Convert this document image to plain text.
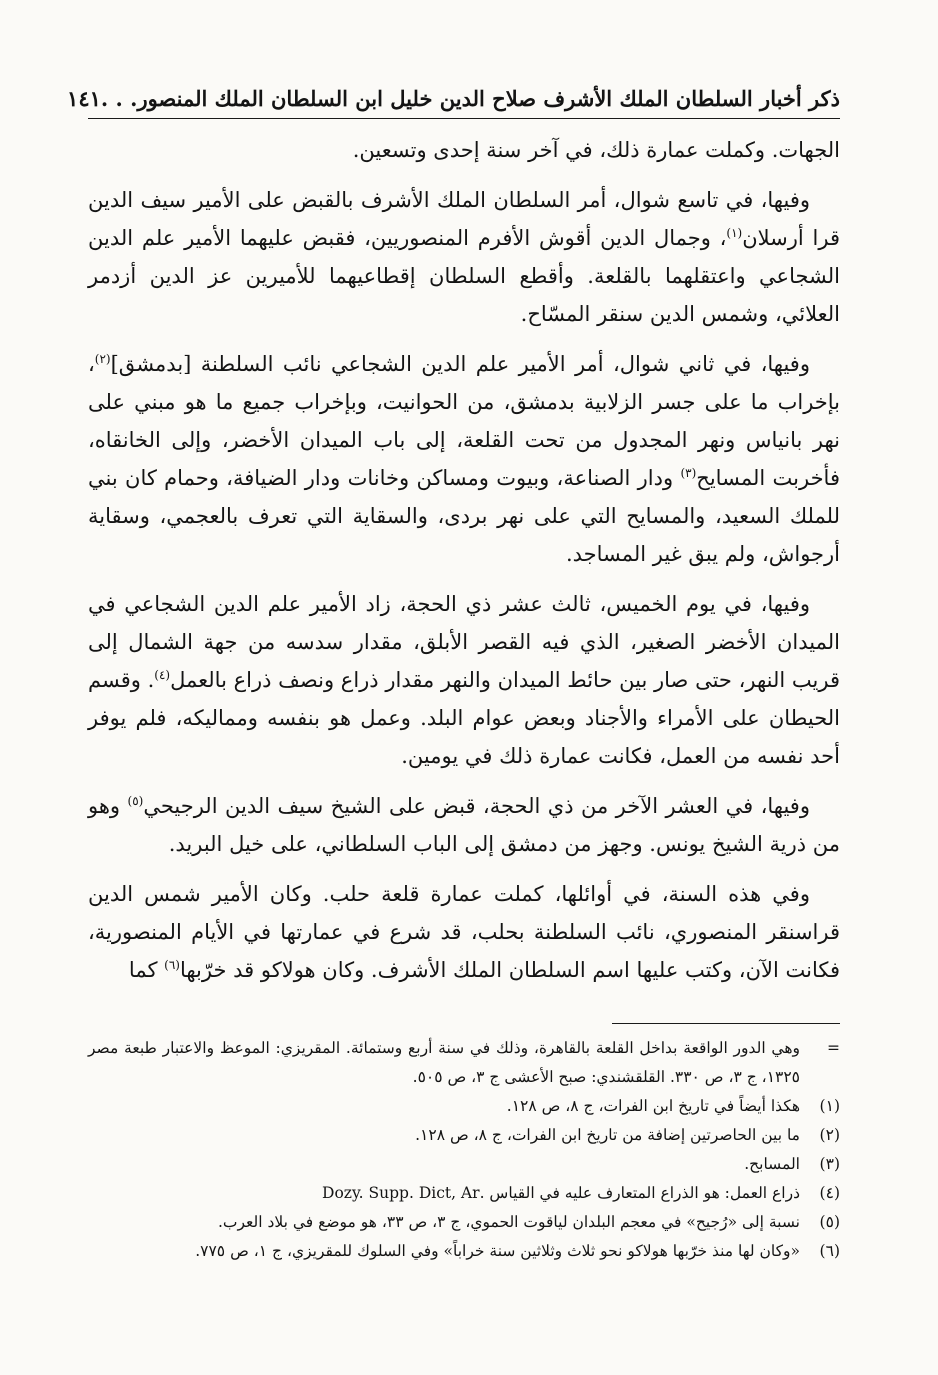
ذكر أخبار السلطان الملك الأشرف صلاح الدين خليل ابن السلطان الملك المنصور. . .
١٤١

الجهات. وكملت عمارة ذلك، في آخر سنة إحدى وتسعين.

وفيها، في تاسع شوال، أمر السلطان الملك الأشرف بالقبض على الأمير سيف الدين قرا أرسلان$^{(١)}$، وجمال الدين أقوش الأفرم المنصوريين، فقبض عليهما الأمير علم الدين الشجاعي واعتقلهما بالقلعة. وأقطع السلطان إقطاعيهما للأميرين عز الدين أزدمر العلائي، وشمس الدين سنقر المسّاح.

وفيها، في ثاني شوال، أمر الأمير علم الدين الشجاعي نائب السلطنة [بدمشق]$^{(٢)}$، بإخراب ما على جسر الزلابية بدمشق، من الحوانيت، وبإخراب جميع ما هو مبني على نهر بانياس ونهر المجدول من تحت القلعة، إلى باب الميدان الأخضر، وإلى الخانقاه، فأخربت المسايح$^{(٣)}$ ودار الصناعة، وبيوت ومساكن وخانات ودار الضيافة، وحمام كان بني للملك السعيد، والمسايح التي على نهر بردى، والسقاية التي تعرف بالعجمي، وسقاية أرجواش، ولم يبق غير المساجد.

وفيها، في يوم الخميس، ثالث عشر ذي الحجة، زاد الأمير علم الدين الشجاعي في الميدان الأخضر الصغير، الذي فيه القصر الأبلق، مقدار سدسه من جهة الشمال إلى قريب النهر، حتى صار بين حائط الميدان والنهر مقدار ذراع ونصف ذراع بالعمل$^{(٤)}$. وقسم الحيطان على الأمراء والأجناد وبعض عوام البلد. وعمل هو بنفسه ومماليكه، فلم يوفر أحد نفسه من العمل، فكانت عمارة ذلك في يومين.

وفيها، في العشر الآخر من ذي الحجة، قبض على الشيخ سيف الدين الرجيحي$^{(٥)}$ وهو من ذرية الشيخ يونس. وجهز من دمشق إلى الباب السلطاني، على خيل البريد.

وفي هذه السنة، في أوائلها، كملت عمارة قلعة حلب. وكان الأمير شمس الدين قراسنقر المنصوري، نائب السلطنة بحلب، قد شرع في عمارتها في الأيام المنصورية، فكانت الآن، وكتب عليها اسم السلطان الملك الأشرف. وكان هولاكو قد خرّبها$^{(٦)}$ كما

=
وهي الدور الواقعة بداخل القلعة بالقاهرة، وذلك في سنة أربع وستمائة. المقريزي: الموعظ والاعتبار طبعة مصر ١٣٢٥، ج ٣، ص ٣٣٠. القلقشندي: صبح الأعشى ج ٣، ص ٥٠٥.
(١)
هكذا أيضاً في تاريخ ابن الفرات، ج ٨، ص ١٢٨.
(٢)
ما بين الحاصرتين إضافة من تاريخ ابن الفرات، ج ٨، ص ١٢٨.
(٣)
المسابح.
(٤)
ذراع العمل: هو الذراع المتعارف عليه في القياس .Dozy. Supp. Dict, Ar
(٥)
نسبة إلى «رُجيح» في معجم البلدان لياقوت الحموي، ج ٣، ص ٣٣، هو موضع في بلاد العرب.
(٦)
«وكان لها منذ خرّبها هولاكو نحو ثلاث وثلاثين سنة خراباً» وفي السلوك للمقريزي، ج ١، ص ٧٧٥.
